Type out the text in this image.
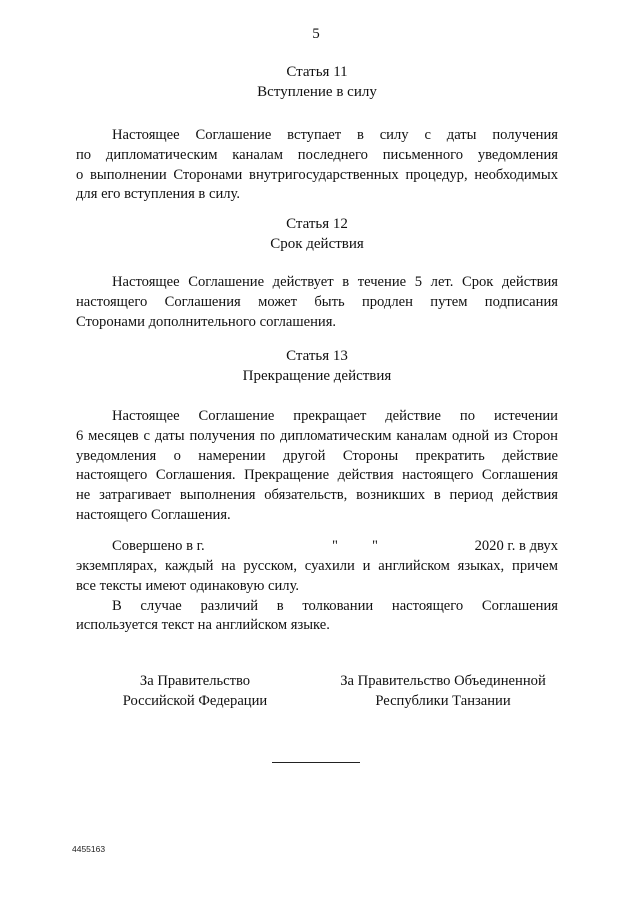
5
Статья 11
Вступление в силу
Настоящее Соглашение вступает в силу с даты получения
по дипломатическим каналам последнего письменного уведомления
о выполнении Сторонами внутригосударственных процедур, необходимых
для его вступления в силу.
Статья 12
Срок действия
Настоящее Соглашение действует в течение 5 лет. Срок действия
настоящего Соглашения может быть продлен путем подписания
Сторонами дополнительного соглашения.
Статья 13
Прекращение действия
Настоящее Соглашение прекращает действие по истечении
6 месяцев с даты получения по дипломатическим каналам одной из Сторон
уведомления о намерении другой Стороны прекратить действие
настоящего Соглашения. Прекращение действия настоящего Соглашения
не затрагивает выполнения обязательств, возникших в период действия
настоящего Соглашения.
Совершено в г.	" "	2020 г. в двух
экземплярах, каждый на русском, суахили и английском языках, причем
все тексты имеют одинаковую силу.
В случае различий в толковании настоящего Соглашения
используется текст на английском языке.
За Правительство
Российской Федерации
За Правительство Объединенной
Республики Танзании
4455163
